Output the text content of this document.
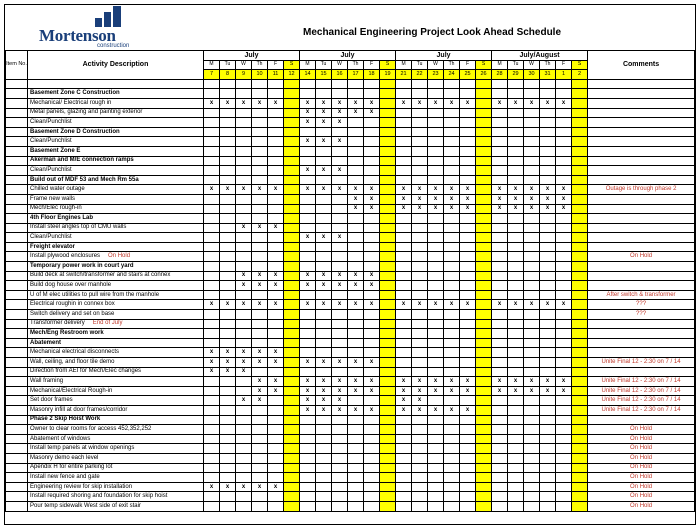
Mortenson
construction
Mechanical Engineering Project Look Ahead Schedule
Item No.	Activity Description	July						July						July						July/August						Comments
		M	Tu	W	Th	F	S	M	Tu	W	Th	F	S	M	Tu	W	Th	F	S	M	Tu	W	Th	F	S	
		7	8	9	10	11	12	14	15	16	17	18	19	21	22	23	24	25	26	28	29	30	31	1	2	

	Basement Zone C Construction																									
	Mechanical/ Electrical rough in	x	x	x	x	x		x	x	x	x	x		x	x	x	x	x		x	x	x	x	x		
	Metal panels, glazing and painting exterior							x	x	x	x	x														
	Clean/Punchlist							x	x	x																
	Basement Zone D Construction																									
	Clean/Punchlist							x	x	x																
	Basement Zone E																									
	Akerman and M/E connection ramps																									
	Clean/Punchlist							x	x	x																
	Build out of MDF 53 and Mech Rm 55a																									
	Chilled water outage	x	x	x	x	x		x	x	x	x	x		x	x	x	x	x		x	x	x	x	x		Outage is through phase 2
	Frame new walls										x	x		x	x	x	x	x		x	x	x	x	x		
	Mech/Elec rough-in										x	x		x	x	x	x	x		x	x	x	x	x		
	4th Floor Engines Lab																									
	Install steel angles top of CMU walls			x	x	x																				
	Clean/Punchlist							x	x	x																
	Freight elevator																									
	Install plywood enclosures On Hold																									On Hold
	Temporary power work in court yard																									
	Build deck at switch/transformer and stairs at connex			x	x	x		x	x	x	x	x														
	Build dog house over manhole			x	x	x		x	x	x	x	x														
	U of M elec utilities to pull wire from the manhole																									After switch & transformer
	Electrical roughin in connex box	x	x	x	x	x		x	x	x	x	x		x	x	x	x	x		x	x	x	x	x		???
	Switch delivery and set on base																									???
	Transformer delivery End of July																									
	Mech/Eng Restroom work																									
	Abatement																									
	Mechanical electrical disconnects	x	x	x	x	x																				
	Wall, ceiling, and floor tile demo	x	x	x	x	x		x	x	x	x	x														Unite Final 12 - 2:30 on 7 / 14
	Direction from AEI for Mech/Elec changes	x	x	x																						
	Wall framing				x	x		x	x	x	x	x		x	x	x	x	x		x	x	x	x	x		Unite Final 12 - 2:30 on 7 / 14
	Mechanical/Electrical Rough-in				x	x		x	x	x	x	x		x	x	x	x	x		x	x	x	x	x		Unite Final 12 - 2:30 on 7 / 14
	Set door frames			x	x			x	x	x				x	x											Unite Final 12 - 2:30 on 7 / 14
	Masonry infill at door frames/corridor							x	x	x	x	x		x	x	x	x	x								Unite Final 12 - 2:30 on 7 / 14
	Phase 2 Skip Hoist Work																									
	Owner to clear rooms for access 452,352,252																									On Hold
	Abatement of windows																									On Hold
	Install temp panels at window openings																									On Hold
	Masonry demo each level																									On Hold
	Apendix H for entire parking lot																									On Hold
	Install new fence and gate																									On Hold
	Engineering review for skip installation	x	x	x	x	x																				On Hold
	Install required shoring and foundation for skip hoist																									On Hold
	Pour temp sidewalk West side of exit stair																									On Hold
